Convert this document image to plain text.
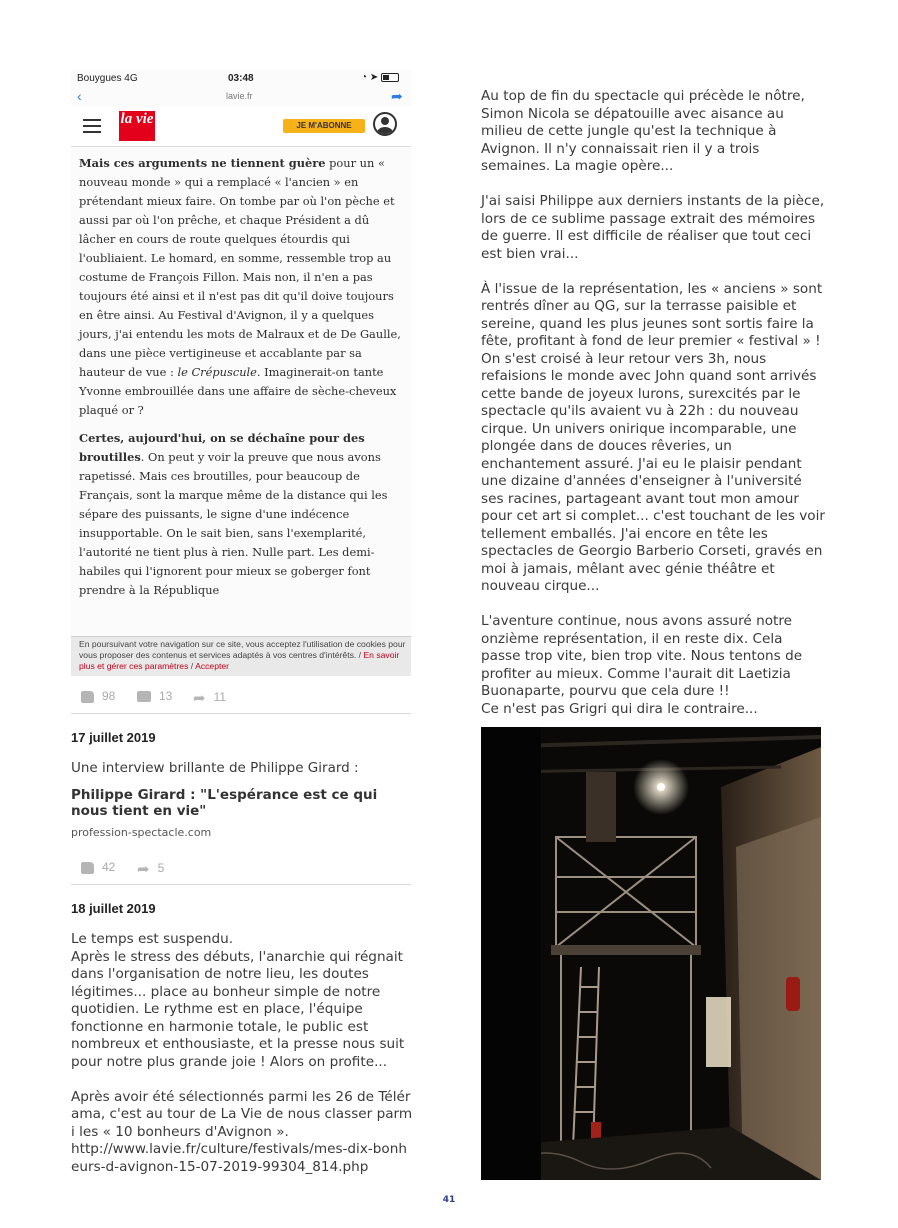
Bouygues 4G	03:48	◔ ➤
‹	lavie.fr	➦
la vie	JE M'ABONNE

Mais ces arguments ne tiennent guère pour un « nouveau monde » qui a remplacé « l'ancien » en prétendant mieux faire. On tombe par où l'on pèche et aussi par où l'on prêche, et chaque Président a dû lâcher en cours de route quelques étourdis qui l'oubliaient. Le homard, en somme, ressemble trop au costume de François Fillon. Mais non, il n'en a pas toujours été ainsi et il n'est pas dit qu'il doive toujours en être ainsi. Au Festival d'Avignon, il y a quelques jours, j'ai entendu les mots de Malraux et de De Gaulle, dans une pièce vertigineuse et accablante par sa hauteur de vue : le Crépuscule. Imaginerait-on tante Yvonne embrouillée dans une affaire de sèche-cheveux plaqué or ?

Certes, aujourd'hui, on se déchaîne pour des broutilles. On peut y voir la preuve que nous avons rapetissé. Mais ces broutilles, pour beaucoup de Français, sont la marque même de la distance qui les sépare des puissants, le signe d'une indécence insupportable. On le sait bien, sans l'exemplarité, l'autorité ne tient plus à rien. Nulle part. Les demi-habiles qui l'ignorent pour mieux se goberger font prendre à la République

En poursuivant votre navigation sur ce site, vous acceptez l'utilisation de cookies pour vous proposer des contenus et services adaptés à vos centres d'intérêts. / En savoir plus et gérer ces paramètres / Accepter
98	13 ➦ 11
17 juillet 2019
Une interview brillante de Philippe Girard :
Philippe Girard : "L'espérance est ce qui nous tient en vie"
profession-spectacle.com
42 ➦ 5
18 juillet 2019

Le temps est suspendu.
Après le stress des débuts, l'anarchie qui régnait dans l'organisation de notre lieu, les doutes légitimes... place au bonheur simple de notre quotidien. Le rythme est en place, l'équipe fonctionne en harmonie totale, le public est nombreux et enthousiaste, et la presse nous suit pour notre plus grande joie ! Alors on profite...

Après avoir été sélectionnés parmi les 26 de Télérama, c'est au tour de La Vie de nous classer parmi les « 10 bonheurs d'Avignon ».
http://www.lavie.fr/culture/festivals/mes-dix-bonheurs-d-avignon-15-07-2019-99304_814.php

Au top de fin du spectacle qui précède le nôtre, Simon Nicola se dépatouille avec aisance au milieu de cette jungle qu'est la technique à Avignon. Il n'y connaissait rien il y a trois semaines. La magie opère...

J'ai saisi Philippe aux derniers instants de la pièce, lors de ce sublime passage extrait des mémoires de guerre. Il est difficile de réaliser que tout ceci est bien vrai...

À l'issue de la représentation, les « anciens » sont rentrés dîner au QG, sur la terrasse paisible et sereine, quand les plus jeunes sont sortis faire la fête, profitant à fond de leur premier « festival » ! On s'est croisé à leur retour vers 3h, nous refaisions le monde avec John quand sont arrivés cette bande de joyeux lurons, surexcités par le spectacle qu'ils avaient vu à 22h : du nouveau cirque. Un univers onirique incomparable, une plongée dans de douces rêveries, un enchantement assuré. J'ai eu le plaisir pendant une dizaine d'années d'enseigner à l'université ses racines, partageant avant tout mon amour pour cet art si complet... c'est touchant de les voir tellement emballés. J'ai encore en tête les spectacles de Georgio Barberio Corseti, gravés en moi à jamais, mêlant avec génie théâtre et nouveau cirque...

L'aventure continue, nous avons assuré notre onzième représentation, il en reste dix. Cela passe trop vite, bien trop vite. Nous tentons de profiter au mieux. Comme l'aurait dit Laetizia Buonaparte, pourvu que cela dure !!
Ce n'est pas Grigri qui dira le contraire...

41
